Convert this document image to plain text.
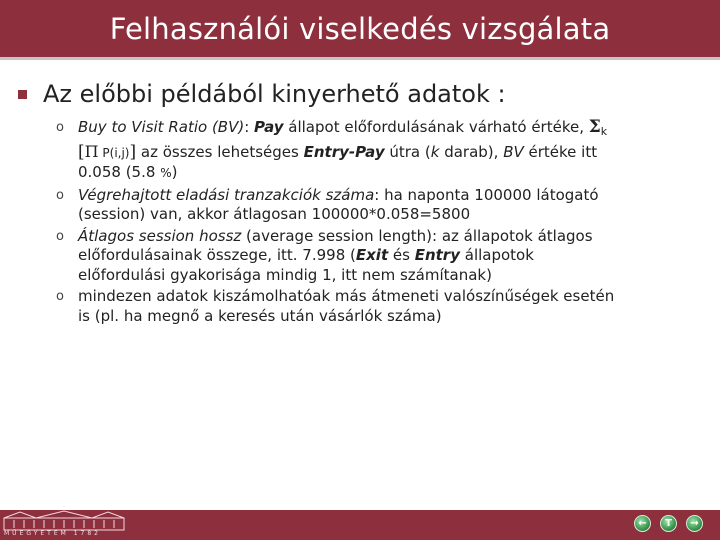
Felhasználói viselkedés vizsgálata
Az előbbi példából kinyerhető adatok :
o Buy to Visit Ratio (BV): Pay állapot előfordulásának várható értéke, $\Sigma_k$ [Π P(i,j)] az összes lehetséges Entry-Pay útra (k darab), BV értéke itt 0.058 (5.8 %)
o Végrehajtott eladási tranzakciók száma: ha naponta 100000 látogató (session) van, akkor átlagosan 100000*0.058=5800
o Átlagos session hossz (average session length): az állapotok átlagos előfordulásainak összege, itt. 7.998 (Exit és Entry állapotok előfordulási gyakorisága mindig 1, itt nem számítanak)
o mindezen adatok kiszámolhatóak más átmeneti valószínűségek esetén is (pl. ha megnő a keresés után vásárlók száma)
MŰEGYETEM 1782
← T →
